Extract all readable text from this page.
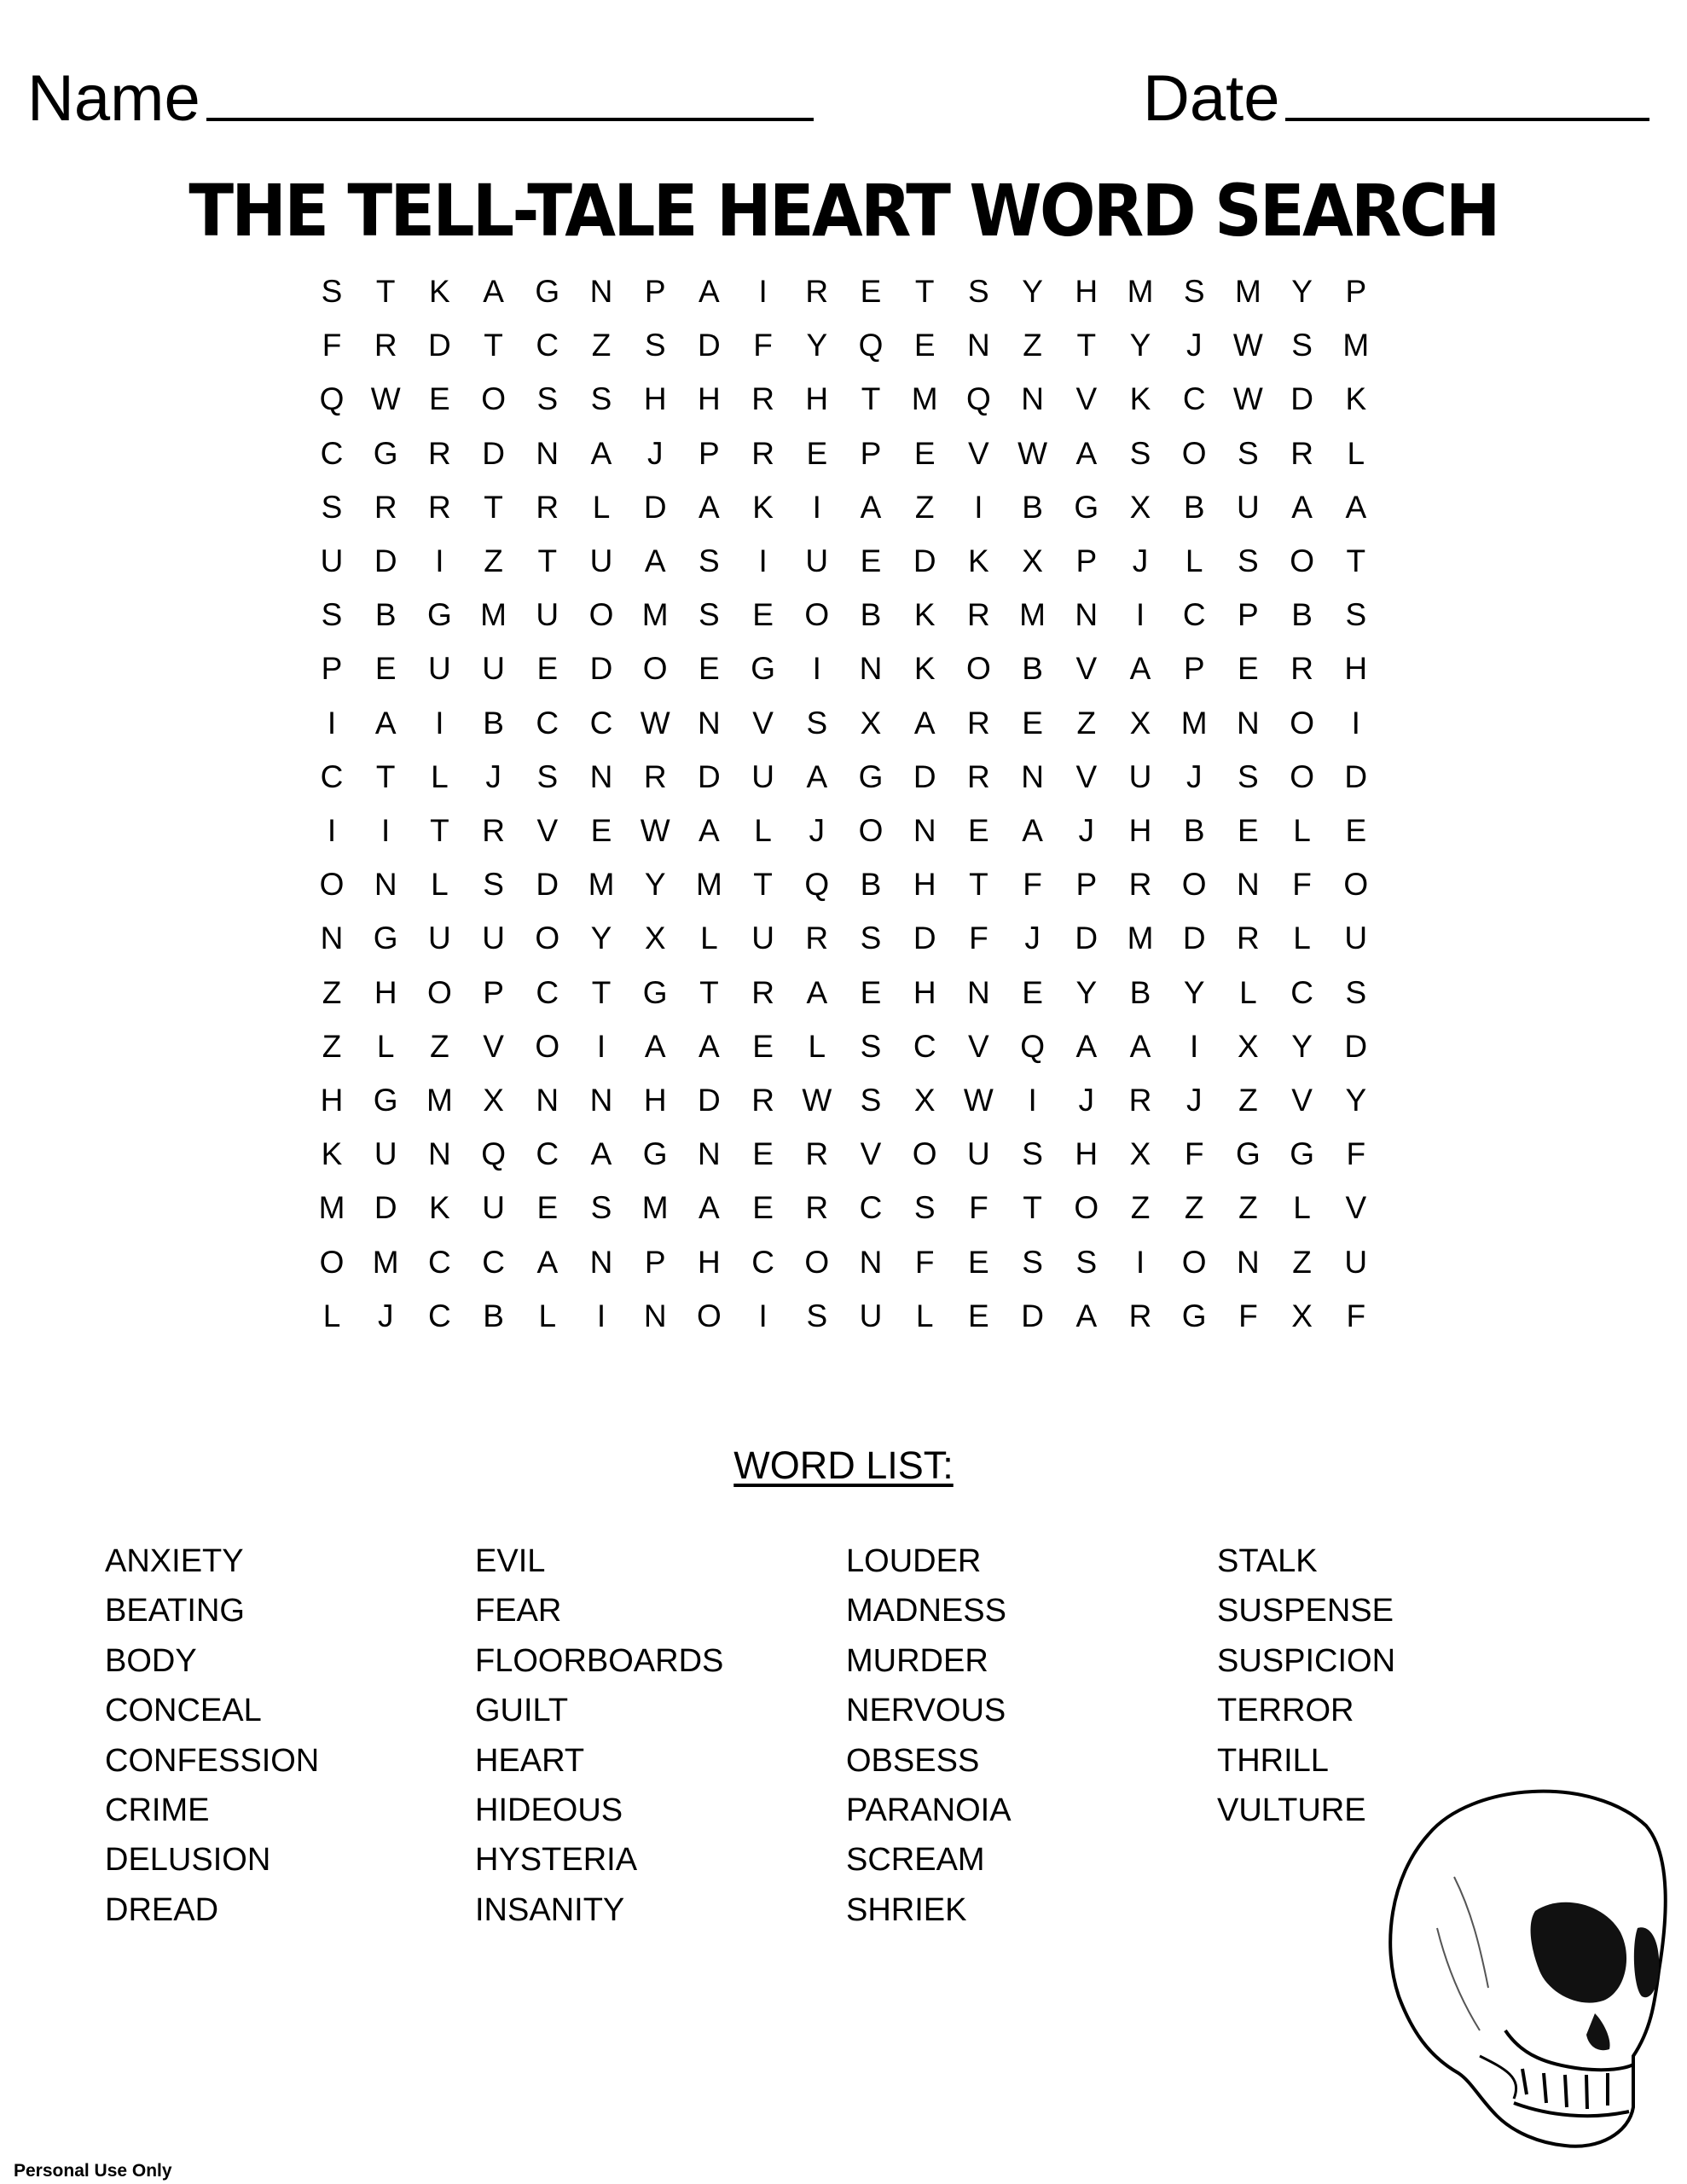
Name	Date
THE TELL-TALE HEART WORD SEARCH
S	T	K	A G N	P	A	I	R	E	T	S	Y	H M S M Y	P
F	R D	T	C	Z	S	D	F	Y Q E	N	Z	T	Y	J W S M
Q W E O S	S	H H R H	T M Q N	V	K	C W D	K
C G R D N	A	J	P	R	E	P	E	V W A	S O S	R	L
S	R R	T	R	L	D	A	K	I	A	Z	I	B G X	B	U	A	A
U D	I	Z	T	U	A	S	I	U	E	D	K	X	P	J	L	S O	T
S	B G M U O M S	E O B	K	R M N	I	C	P	B	S
P	E	U U	E	D O E G	I	N	K O B	V	A	P	E	R H
I	A	I	B	C C W N	V	S	X	A	R	E	Z	X M N O	I
C	T	L	J	S	N R D U	A G D R N	V	U	J	S O D
I	I	T	R	V	E W A	L	J	O N	E	A	J	H	B	E	L	E
O N	L	S	D M Y M T	Q B	H	T	F	P	R O N	F	O
N G U U O Y	X	L	U R	S	D	F	J	D M D R	L	U
Z	H O P	C	T	G	T	R	A	E	H N	E	Y	B	Y	L	C	S
Z	L	Z	V O	I	A	A	E	L	S	C	V Q A	A	I	X	Y	D
H G M X	N N H D R W S	X W	I	J	R	J	Z	V	Y
K	U N Q C	A G N	E	R	V O U	S	H	X	F	G G	F
M D	K	U	E	S M A	E	R C	S	F	T	O	Z	Z	Z	L	V
O M C C	A	N	P	H C O N	F	E	S	S	I	O N	Z	U
L	J	C	B	L	I	N O	I	S	U	L	E	D	A	R G	F	X	F
WORD LIST:
ANXIETY
BEATING
BODY
CONCEAL
CONFESSION
CRIME
DELUSION
DREAD
EVIL
FEAR
FLOORBOARDS
GUILT
HEART
HIDEOUS
HYSTERIA
INSANITY
LOUDER
MADNESS
MURDER
NERVOUS
OBSESS
PARANOIA
SCREAM
SHRIEK
STALK
SUSPENSE
SUSPICION
TERROR
THRILL
VULTURE
Personal Use Only
